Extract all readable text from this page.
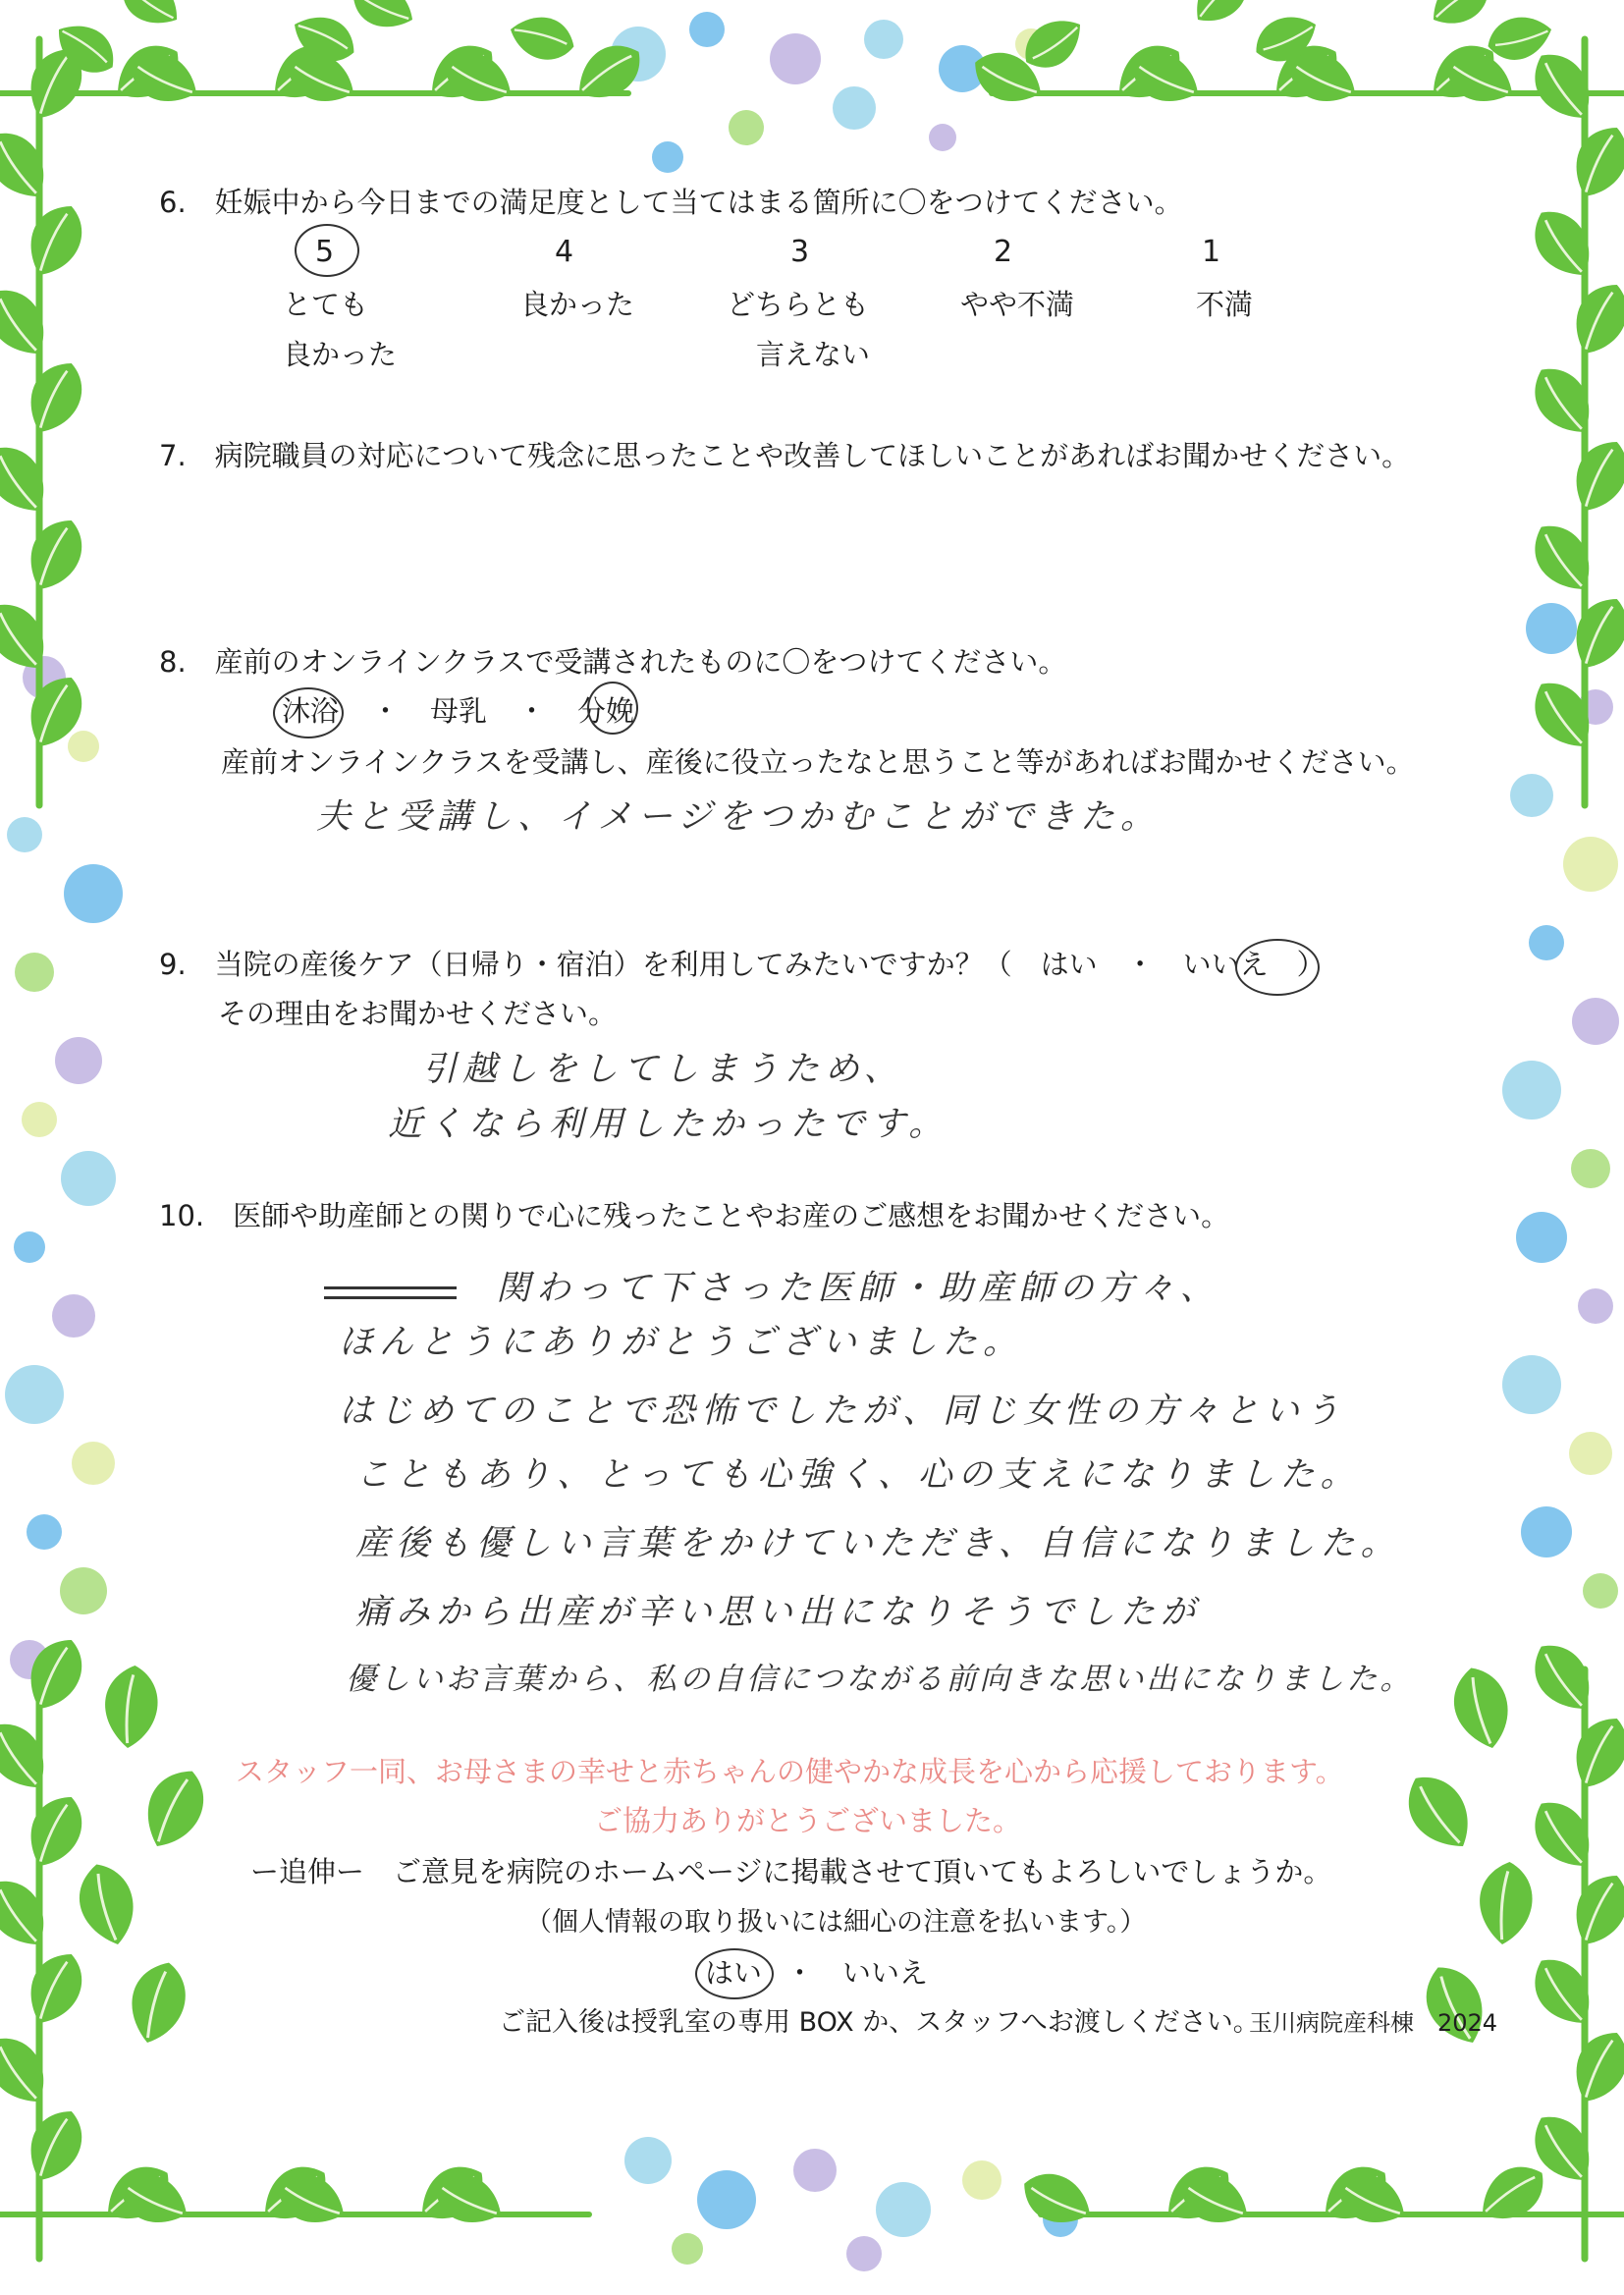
6.　妊娠中から今日までの満足度として当てはまる箇所に〇をつけてください。
5
とても
良かった
4
良かった
3
どちらとも
言えない
2
やや不満
1
不満
7.　病院職員の対応について残念に思ったことや改善してほしいことがあればお聞かせください。
8.　産前のオンラインクラスで受講されたものに〇をつけてください。
沐浴 ・ 母乳 ・ 分娩
産前オンラインクラスを受講し、産後に役立ったなと思うこと等があればお聞かせください。
夫と受講し、イメージをつかむことができた。
9.　当院の産後ケア（日帰り・宿泊）を利用してみたいですか？（　はい　・　いいえ　）
その理由をお聞かせください。
引越しをしてしまうため、
近くなら利用したかったです。
10.　医師や助産師との関りで心に残ったことやお産のご感想をお聞かせください。
関わって下さった医師・助産師の方々、
ほんとうにありがとうございました。
はじめてのことで恐怖でしたが、同じ女性の方々という
こともあり、とっても心強く、心の支えになりました。
産後も優しい言葉をかけていただき、自信になりました。
痛みから出産が辛い思い出になりそうでしたが
優しいお言葉から、私の自信につながる前向きな思い出になりました。
スタッフ一同、お母さまの幸せと赤ちゃんの健やかな成長を心から応援しております。
ご協力ありがとうございました。
ー追伸ー　ご意見を病院のホームページに掲載させて頂いてもよろしいでしょうか。
（個人情報の取り扱いには細心の注意を払います。）
はい ・ いいえ
ご記入後は授乳室の専用 BOX か、スタッフへお渡しください。
玉川病院産科棟　2024
